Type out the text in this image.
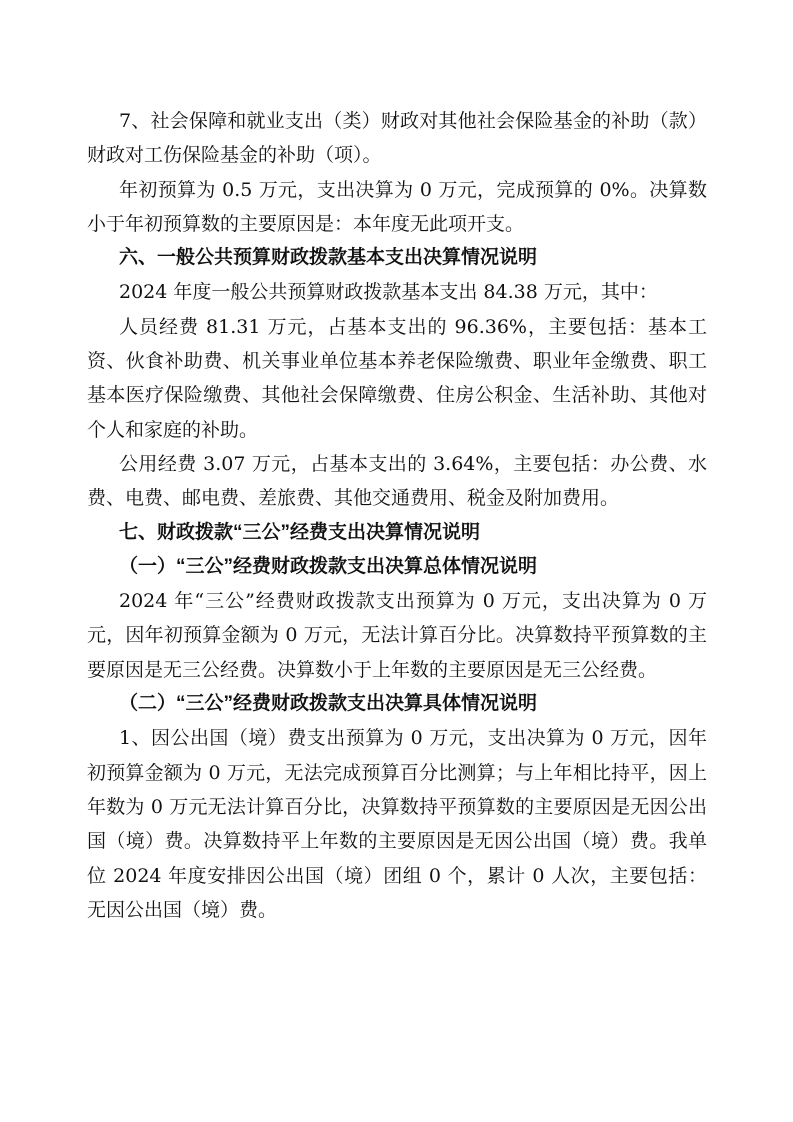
7、社会保障和就业支出（类）财政对其他社会保险基金的补助（款）财政对工伤保险基金的补助（项）。

年初预算为 0.5 万元，支出决算为 0 万元，完成预算的 0%。决算数小于年初预算数的主要原因是：本年度无此项开支。

六、一般公共预算财政拨款基本支出决算情况说明

2024 年度一般公共预算财政拨款基本支出 84.38 万元，其中：

人员经费 81.31 万元，占基本支出的 96.36%，主要包括：基本工资、伙食补助费、机关事业单位基本养老保险缴费、职业年金缴费、职工基本医疗保险缴费、其他社会保障缴费、住房公积金、生活补助、其他对个人和家庭的补助。

公用经费 3.07 万元，占基本支出的 3.64%，主要包括：办公费、水费、电费、邮电费、差旅费、其他交通费用、税金及附加费用。

七、财政拨款“三公”经费支出决算情况说明
（一）“三公”经费财政拨款支出决算总体情况说明

2024 年“三公”经费财政拨款支出预算为 0 万元，支出决算为 0 万元，因年初预算金额为 0 万元，无法计算百分比。决算数持平预算数的主要原因是无三公经费。决算数小于上年数的主要原因是无三公经费。

（二）“三公”经费财政拨款支出决算具体情况说明

1、因公出国（境）费支出预算为 0 万元，支出决算为 0 万元，因年初预算金额为 0 万元，无法完成预算百分比测算；与上年相比持平，因上年数为 0 万元无法计算百分比，决算数持平预算数的主要原因是无因公出国（境）费。决算数持平上年数的主要原因是无因公出国（境）费。我单位 2024 年度安排因公出国（境）团组 0 个，累计 0 人次，主要包括：无因公出国（境）费。
